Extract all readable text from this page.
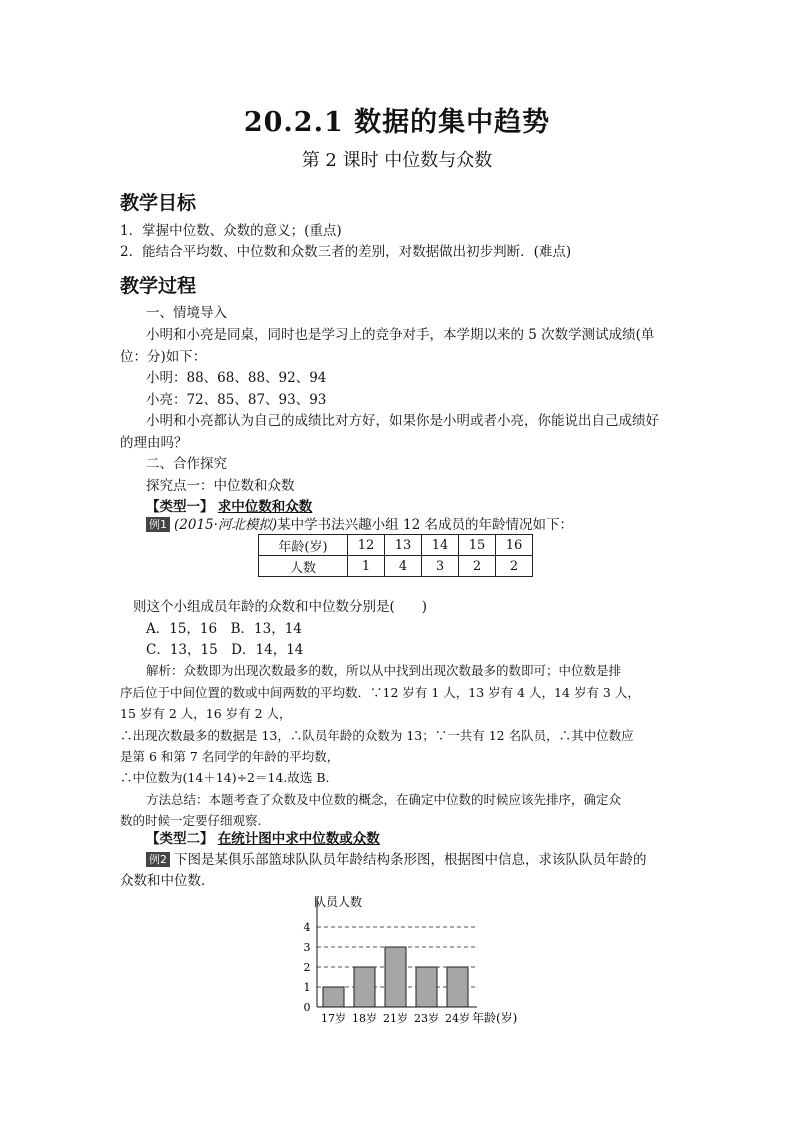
20.2.1 数据的集中趋势
第 2 课时 中位数与众数
教学目标
1．掌握中位数、众数的意义；(重点)
2．能结合平均数、中位数和众数三者的差别，对数据做出初步判断．(难点)
教学过程
一、情境导入
小明和小亮是同桌，同时也是学习上的竞争对手，本学期以来的 5 次数学测试成绩(单
位：分)如下：
小明：88、68、88、92、94
小亮：72、85、87、93、93
小明和小亮都认为自己的成绩比对方好，如果你是小明或者小亮，你能说出自己成绩好
的理由吗？
二、合作探究
探究点一：中位数和众数
【类型一】 求中位数和众数
例1 (2015·河北模拟)某中学书法兴趣小组 12 名成员的年龄情况如下：
年龄(岁)	12	13	14	15	16
人数	1	4	3	2	2
则这个小组成员年龄的众数和中位数分别是(　　)
A．15，16　B．13，14
C．13，15　D．14，14
解析：众数即为出现次数最多的数，所以从中找到出现次数最多的数即可；中位数是排
序后位于中间位置的数或中间两数的平均数．∵12 岁有 1 人，13 岁有 4 人，14 岁有 3 人，
15 岁有 2 人，16 岁有 2 人，
∴出现次数最多的数据是 13，∴队员年龄的众数为 13；∵一共有 12 名队员，∴其中位数应
是第 6 和第 7 名同学的年龄的平均数，
∴中位数为(14＋14)÷2＝14.故选 B.
方法总结：本题考查了众数及中位数的概念，在确定中位数的时候应该先排序，确定众
数的时候一定要仔细观察.
【类型二】 在统计图中求中位数或众数
例2 下图是某俱乐部篮球队队员年龄结构条形图，根据图中信息，求该队队员年龄的
众数和中位数．
队员人数
年龄(岁)
0
1
2
3
4
17岁 18岁 21岁 23岁 24岁
